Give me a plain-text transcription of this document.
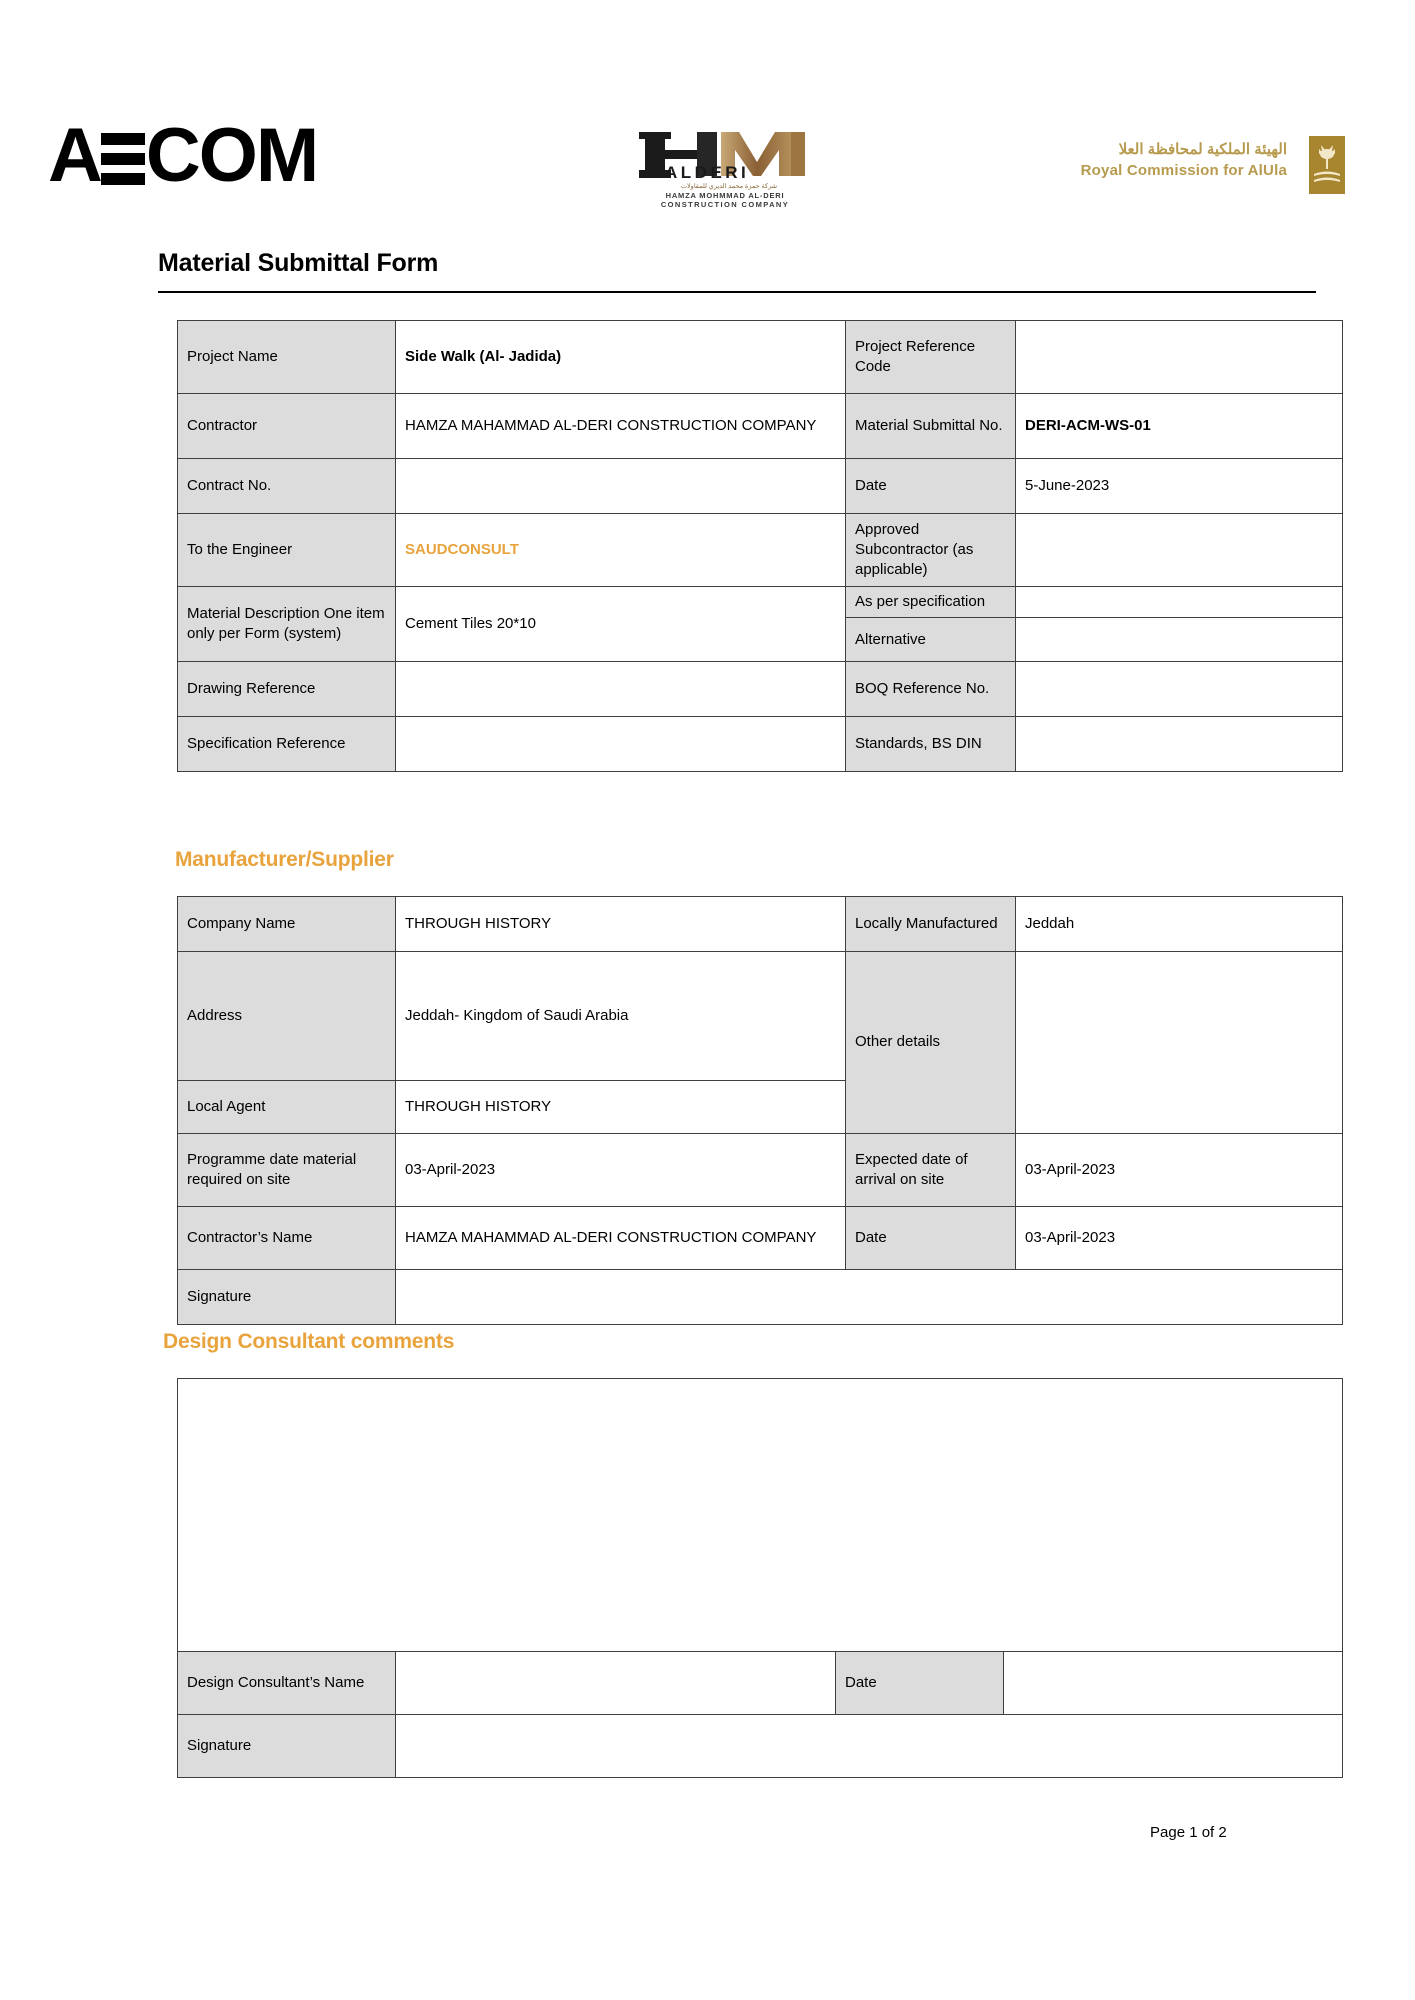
A COM	ALDERI
شركة حمزة محمد الديري للمقاولات
HAMZA MOHMMAD AL-DERI
CONSTRUCTION COMPANY
الهيئة الملكية لمحافظة العلا
Royal Commission for AlUla
Material Submittal Form
Project Name	Side Walk (Al- Jadida)	Project Reference Code	
Contractor	HAMZA MAHAMMAD AL-DERI CONSTRUCTION COMPANY	Material Submittal No.	DERI-ACM-WS-01
Contract No.		Date	5-June-2023
To the Engineer	SAUDCONSULT	Approved Subcontractor (as applicable)	
Material Description One item only per Form (system)	Cement Tiles 20*10	As per specification	
		Alternative	
Drawing Reference		BOQ Reference No.	
Specification Reference		Standards, BS DIN	
Manufacturer/Supplier
Company Name	THROUGH HISTORY	Locally Manufactured	Jeddah
Address	Jeddah- Kingdom of Saudi Arabia	Other details	
Local Agent	THROUGH HISTORY		
Programme date material required on site	03-April-2023	Expected date of arrival on site	03-April-2023
Contractor’s Name	HAMZA MAHAMMAD AL-DERI CONSTRUCTION COMPANY	Date	03-April-2023
Signature			
Design Consultant comments

Design Consultant’s Name		Date	
Signature			
Page 1 of 2
